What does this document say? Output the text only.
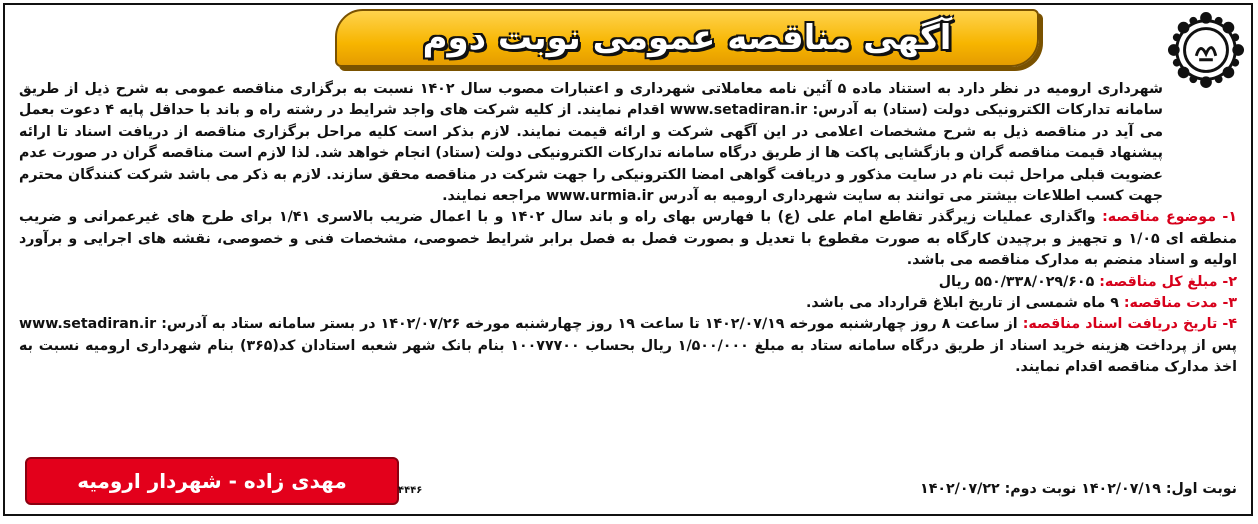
آگهی مناقصه عمومی نوبت دوم

شهرداری ارومیه در نظر دارد به استناد ماده ۵ آئین نامه معاملاتی شهرداری و اعتبارات مصوب سال ۱۴۰۲ نسبت به برگزاری مناقصه عمومی به شرح ذیل از طریق سامانه تدارکات الکترونیکی دولت (ستاد) به آدرس: www.setadiran.ir اقدام نمایند. از کلیه شرکت های واجد شرایط در رشته راه و باند با حداقل پایه ۴ دعوت بعمل می آید در مناقصه ذیل به شرح مشخصات اعلامی در این آگهی شرکت و ارائه قیمت نمایند. لازم بذکر است کلیه مراحل برگزاری مناقصه از دریافت اسناد تا ارائه پیشنهاد قیمت مناقصه گران و بازگشایی پاکت ها از طریق درگاه سامانه تدارکات الکترونیکی دولت (ستاد) انجام خواهد شد. لذا لازم است مناقصه گران در صورت عدم عضویت قبلی مراحل ثبت نام در سایت مذکور و دریافت گواهی امضا الکترونیکی را جهت شرکت در مناقصه محقق سازند. لازم به ذکر می باشد شرکت کنندگان محترم جهت کسب اطلاعات بیشتر می توانند به سایت شهرداری ارومیه به آدرس www.urmia.ir مراجعه نمایند.

۱- موضوع مناقصه: واگذاری عملیات زیرگذر تقاطع امام علی (ع) با فهارس بهای راه و باند سال ۱۴۰۲ و با اعمال ضریب بالاسری ۱/۴۱ برای طرح های غیرعمرانی و ضریب منطقه ای ۱/۰۵ و تجهیز و برچیدن کارگاه به صورت مقطوع با تعدیل و بصورت فصل به فصل برابر شرایط خصوصی، مشخصات فنی و خصوصی، نقشه های اجرایی و برآورد اولیه و اسناد منضم به مدارک مناقصه می باشد.

۲- مبلغ کل مناقصه: ۵۵۰/۳۳۸/۰۲۹/۶۰۵ ریال

۳- مدت مناقصه: ۹ ماه شمسی از تاریخ ابلاغ قرارداد می باشد.

۴- تاریخ دریافت اسناد مناقصه: از ساعت ۸ روز چهارشنبه مورخه ۱۴۰۲/۰۷/۱۹ تا ساعت ۱۹ روز چهارشنبه مورخه ۱۴۰۲/۰۷/۲۶ در بستر سامانه ستاد به آدرس: www.setadiran.ir پس از پرداخت هزینه خرید اسناد از طریق درگاه سامانه ستاد به مبلغ ۱/۵۰۰/۰۰۰ ریال بحساب ۱۰۰۷۷۷۰۰ بنام بانک شهر شعبه استادان کد(۳۶۵) بنام شهرداری ارومیه نسبت به اخذ مدارک مناقصه اقدام نمایند.

مهدی زاده - شهردار ارومیه	۴۴۴۶	نوبت اول: ۱۴۰۲/۰۷/۱۹ نوبت دوم: ۱۴۰۲/۰۷/۲۲
